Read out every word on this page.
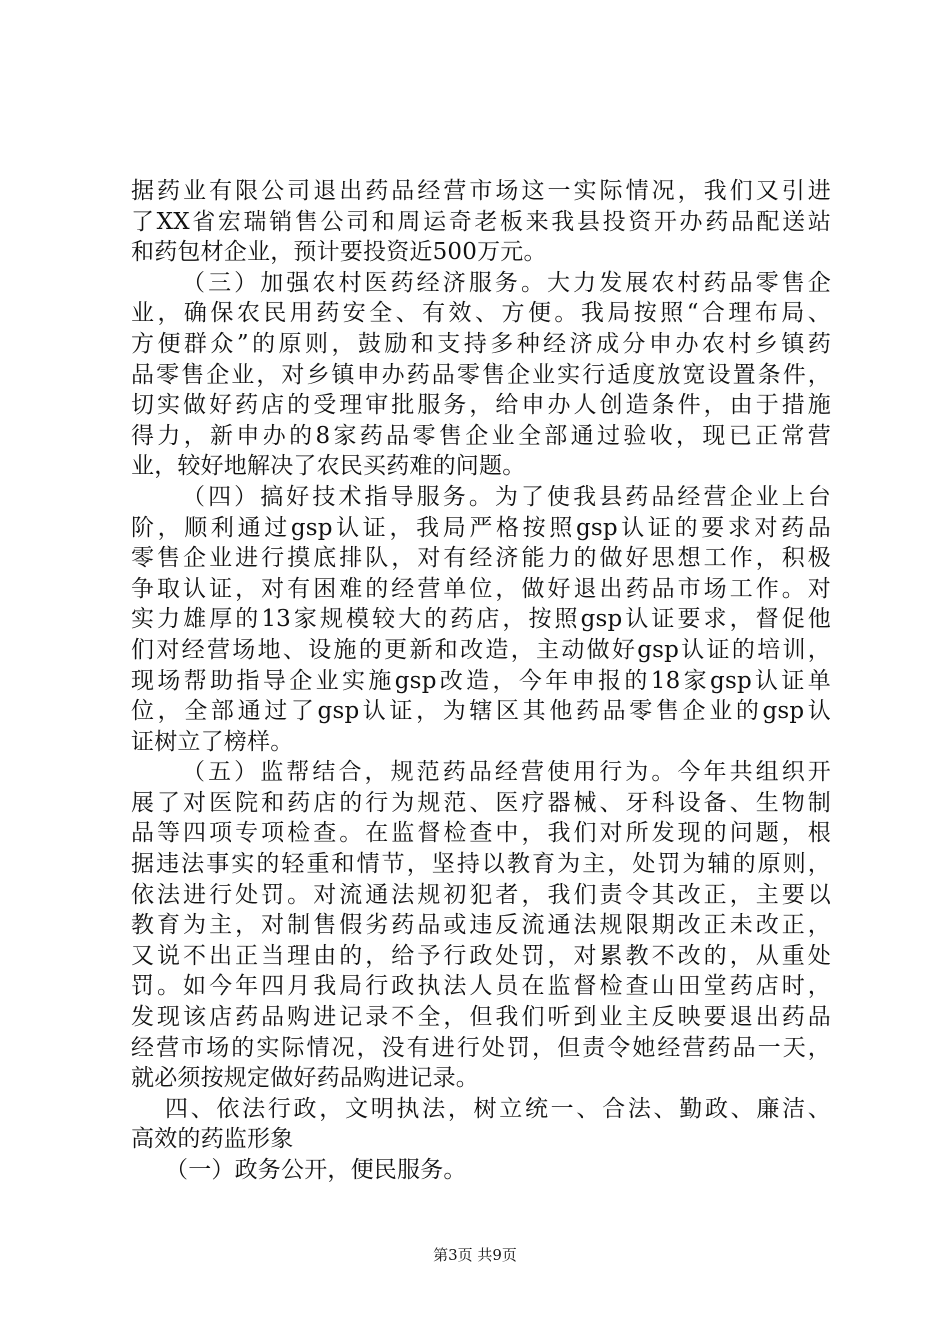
据药业有限公司退出药品经营市场这一实际情况，我们又引进
了XX省宏瑞销售公司和周运奇老板来我县投资开办药品配送站
和药包材企业，预计要投资近500万元。
（三）加强农村医药经济服务。大力发展农村药品零售企
业，确保农民用药安全、有效、方便。我局按照“合理布局、
方便群众”的原则，鼓励和支持多种经济成分申办农村乡镇药
品零售企业，对乡镇申办药品零售企业实行适度放宽设置条件，
切实做好药店的受理审批服务，给申办人创造条件，由于措施
得力，新申办的8家药品零售企业全部通过验收，现已正常营
业，较好地解决了农民买药难的问题。
（四）搞好技术指导服务。为了使我县药品经营企业上台
阶，顺利通过gsp认证，我局严格按照gsp认证的要求对药品
零售企业进行摸底排队，对有经济能力的做好思想工作，积极
争取认证，对有困难的经营单位，做好退出药品市场工作。对
实力雄厚的13家规模较大的药店，按照gsp认证要求，督促他
们对经营场地、设施的更新和改造，主动做好gsp认证的培训，
现场帮助指导企业实施gsp改造，今年申报的18家gsp认证单
位，全部通过了gsp认证，为辖区其他药品零售企业的gsp认
证树立了榜样。
（五）监帮结合，规范药品经营使用行为。今年共组织开
展了对医院和药店的行为规范、医疗器械、牙科设备、生物制
品等四项专项检查。在监督检查中，我们对所发现的问题，根
据违法事实的轻重和情节，坚持以教育为主，处罚为辅的原则，
依法进行处罚。对流通法规初犯者，我们责令其改正，主要以
教育为主，对制售假劣药品或违反流通法规限期改正未改正，
又说不出正当理由的，给予行政处罚，对累教不改的，从重处
罚。如今年四月我局行政执法人员在监督检查山田堂药店时，
发现该店药品购进记录不全，但我们听到业主反映要退出药品
经营市场的实际情况，没有进行处罚，但责令她经营药品一天，
就必须按规定做好药品购进记录。
四、依法行政，文明执法，树立统一、合法、勤政、廉洁、
高效的药监形象
（一）政务公开，便民服务。
第3页 共9页
